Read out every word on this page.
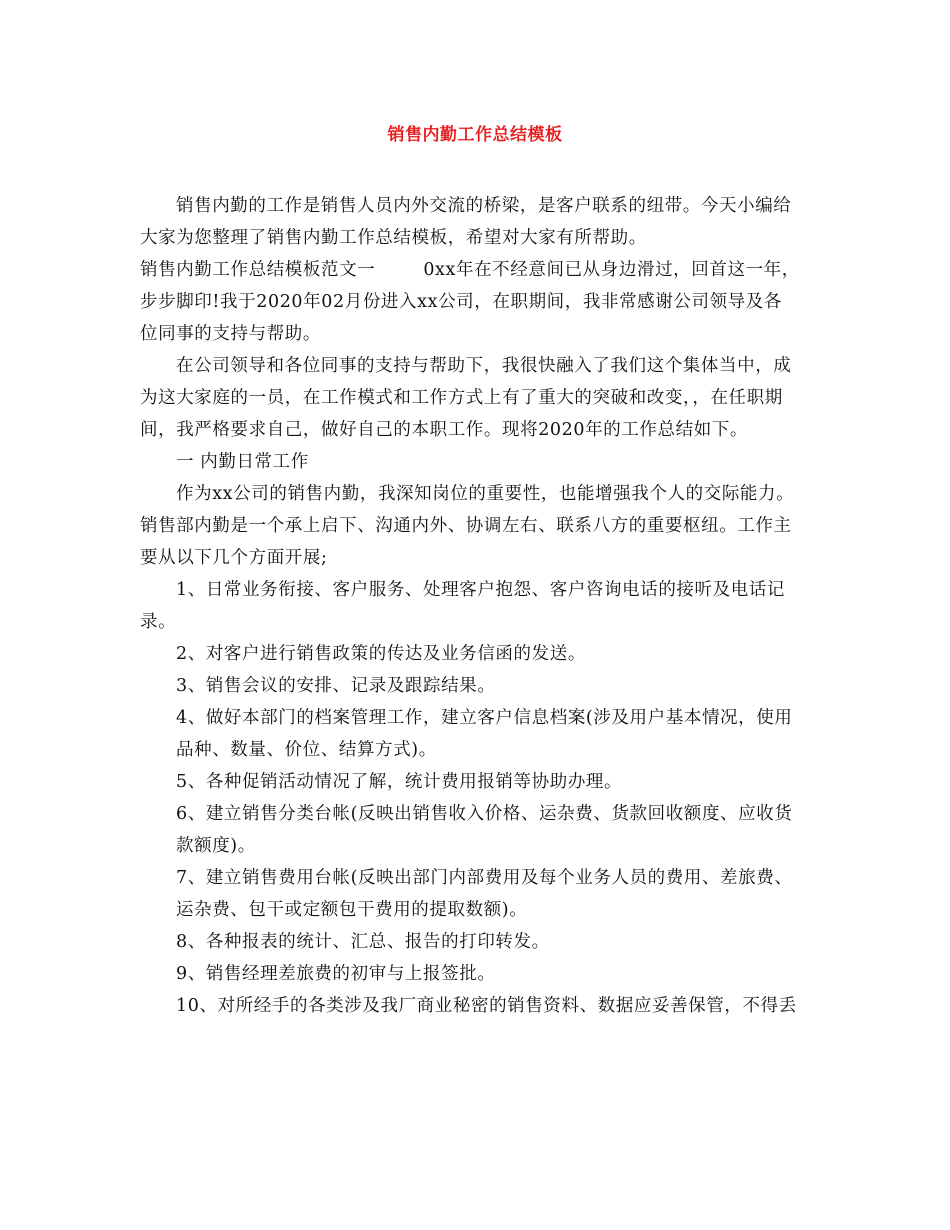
销售内勤工作总结模板

销售内勤的工作是销售人员内外交流的桥梁，是客户联系的纽带。今天小编给

大家为您整理了销售内勤工作总结模板，希望对大家有所帮助。

销售内勤工作总结模板范文一	0xx年在不经意间已从身边滑过，回首这一年，

步步脚印!我于2020年02月份进入xx公司，在职期间，我非常感谢公司领导及各

位同事的支持与帮助。

在公司领导和各位同事的支持与帮助下，我很快融入了我们这个集体当中，成

为这大家庭的一员，在工作模式和工作方式上有了重大的突破和改变，，在任职期

间，我严格要求自己，做好自己的本职工作。现将2020年的工作总结如下。

一 内勤日常工作

作为xx公司的销售内勤，我深知岗位的重要性，也能增强我个人的交际能力。

销售部内勤是一个承上启下、沟通内外、协调左右、联系八方的重要枢纽。工作主

要从以下几个方面开展;

1、日常业务衔接、客户服务、处理客户抱怨、客户咨询电话的接听及电话记

录。

2、对客户进行销售政策的传达及业务信函的发送。

3、销售会议的安排、记录及跟踪结果。

4、做好本部门的档案管理工作，建立客户信息档案(涉及用户基本情况，使用

品种、数量、价位、结算方式)。

5、各种促销活动情况了解，统计费用报销等协助办理。

6、建立销售分类台帐(反映出销售收入价格、运杂费、货款回收额度、应收货

款额度)。

7、建立销售费用台帐(反映出部门内部费用及每个业务人员的费用、差旅费、

运杂费、包干或定额包干费用的提取数额)。

8、各种报表的统计、汇总、报告的打印转发。

9、销售经理差旅费的初审与上报签批。

10、对所经手的各类涉及我厂商业秘密的销售资料、数据应妥善保管，不得丢
